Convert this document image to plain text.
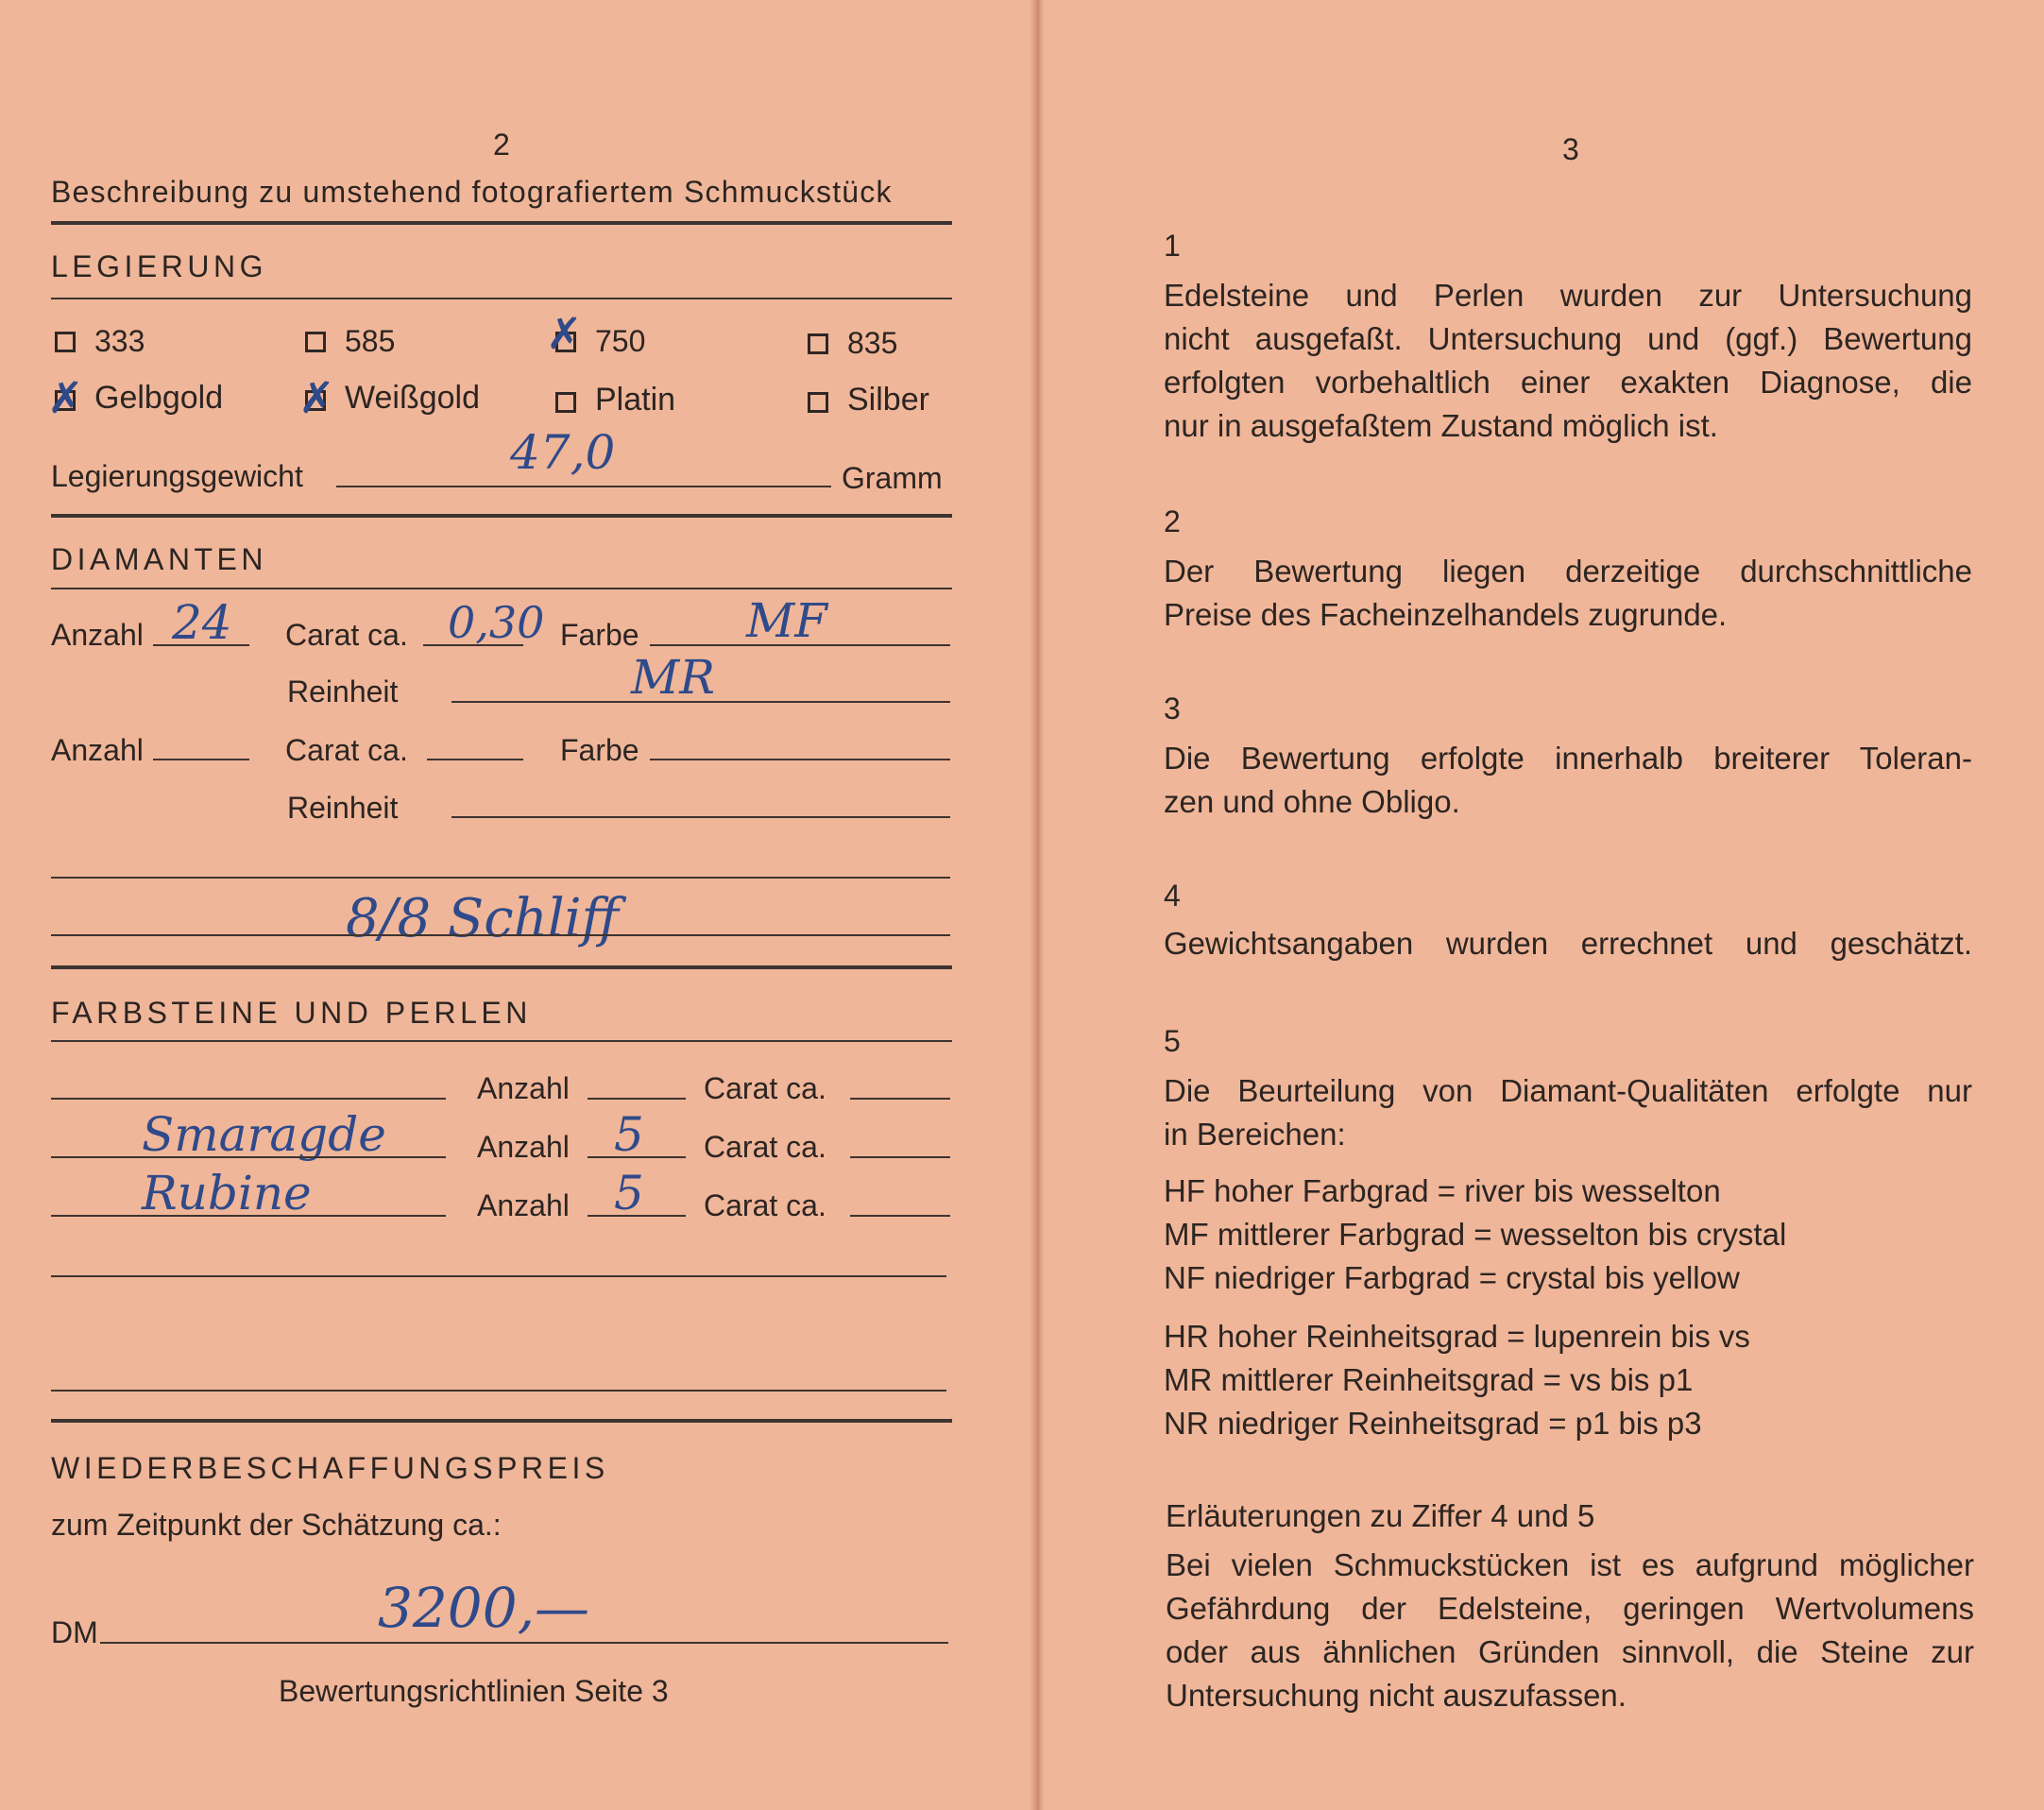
2
Beschreibung zu umstehend fotografiertem Schmuckstück
LEGIERUNG
333	585	✗ 750	835
✗ Gelbgold ✗ Weißgold	Platin	Silber
Legierungsgewicht	47,0	Gramm
DIAMANTEN
Anzahl 24 Carat ca. 0,30 Farbe MF
Reinheit	MR
Anzahl	Carat ca.	Farbe
Reinheit
8/8 Schliff
FARBSTEINE UND PERLEN
Anzahl	Carat ca.
Smaragde	Anzahl 5 Carat ca.
Rubine	Anzahl 5 Carat ca.
WIEDERBESCHAFFUNGSPREIS
zum Zeitpunkt der Schätzung ca.:
DM	3200,—
Bewertungsrichtlinien Seite 3
3
1
Edelsteine und Perlen wurden zur Untersuchung
nicht ausgefaßt. Untersuchung und (ggf.) Bewertung
erfolgten vorbehaltlich einer exakten Diagnose, die
nur in ausgefaßtem Zustand möglich ist.
2
Der Bewertung liegen derzeitige durchschnittliche
Preise des Facheinzelhandels zugrunde.
3
Die Bewertung erfolgte innerhalb breiterer Toleran-
zen und ohne Obligo.
4
Gewichtsangaben wurden errechnet und geschätzt.
5
Die Beurteilung von Diamant-Qualitäten erfolgte nur
in Bereichen:
HF hoher Farbgrad = river bis wesselton
MF mittlerer Farbgrad = wesselton bis crystal
NF niedriger Farbgrad = crystal bis yellow
HR hoher Reinheitsgrad = lupenrein bis vs
MR mittlerer Reinheitsgrad = vs bis p1
NR niedriger Reinheitsgrad = p1 bis p3
Erläuterungen zu Ziffer 4 und 5
Bei vielen Schmuckstücken ist es aufgrund möglicher
Gefährdung der Edelsteine, geringen Wertvolumens
oder aus ähnlichen Gründen sinnvoll, die Steine zur
Untersuchung nicht auszufassen.
